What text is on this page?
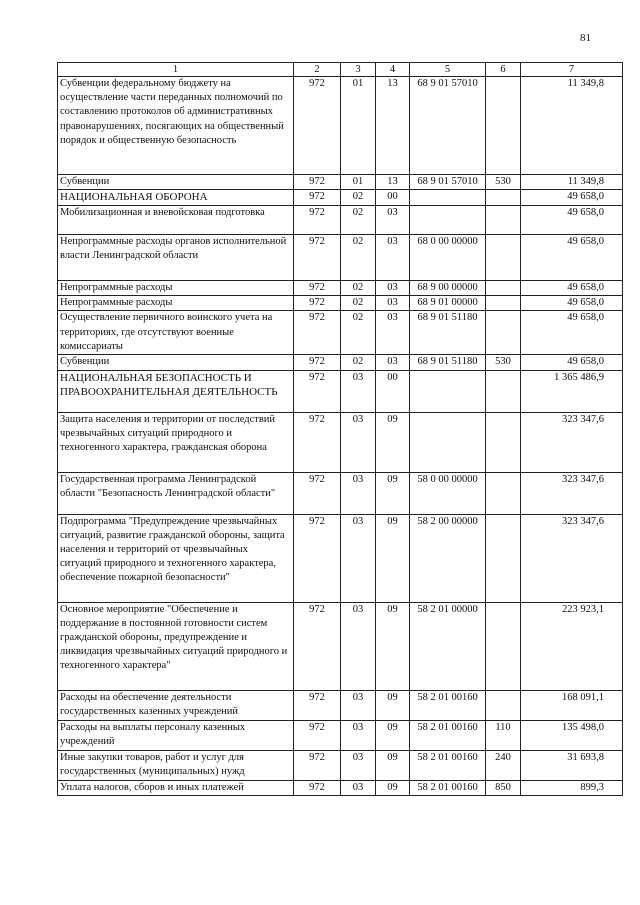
81
1	2	3	4	5	6	7
Субвенции федеральному бюджету на осуществление части переданных полномочий по составлению протоколов об административных правонарушениях, посягающих на общественный порядок и общественную безопасность	972	01	13	68 9 01 57010		11 349,8
Субвенции	972	01	13	68 9 01 57010	530	11 349,8
НАЦИОНАЛЬНАЯ ОБОРОНА	972	02	00			49 658,0
Мобилизационная и вневойсковая подготовка	972	02	03			49 658,0
Непрограммные расходы органов исполнительной власти Ленинградской области	972	02	03	68 0 00 00000		49 658,0
Непрограммные расходы	972	02	03	68 9 00 00000		49 658,0
Непрограммные расходы	972	02	03	68 9 01 00000		49 658,0
Осуществление первичного воинского учета на территориях, где отсутствуют военные комиссариаты	972	02	03	68 9 01 51180		49 658,0
Субвенции	972	02	03	68 9 01 51180	530	49 658,0
НАЦИОНАЛЬНАЯ БЕЗОПАСНОСТЬ И ПРАВООХРАНИТЕЛЬНАЯ ДЕЯТЕЛЬНОСТЬ	972	03	00			1 365 486,9
Защита населения и территории от последствий чрезвычайных ситуаций природного и техногенного характера, гражданская оборона	972	03	09			323 347,6
Государственная программа Ленинградской области "Безопасность Ленинградской области"	972	03	09	58 0 00 00000		323 347,6
Подпрограмма "Предупреждение чрезвычайных ситуаций, развитие гражданской обороны, защита населения и территорий от чрезвычайных ситуаций природного и техногенного характера, обеспечение пожарной безопасности"	972	03	09	58 2 00 00000		323 347,6
Основное мероприятие "Обеспечение и поддержание в постоянной готовности систем гражданской обороны, предупреждение и ликвидация чрезвычайных ситуаций природного и техногенного характера"	972	03	09	58 2 01 00000		223 923,1
Расходы на обеспечение деятельности государственных казенных учреждений	972	03	09	58 2 01 00160		168 091,1
Расходы на выплаты персоналу казенных учреждений	972	03	09	58 2 01 00160	110	135 498,0
Иные закупки товаров, работ и услуг для государственных (муниципальных) нужд	972	03	09	58 2 01 00160	240	31 693,8
Уплата налогов, сборов и иных платежей	972	03	09	58 2 01 00160	850	899,3
